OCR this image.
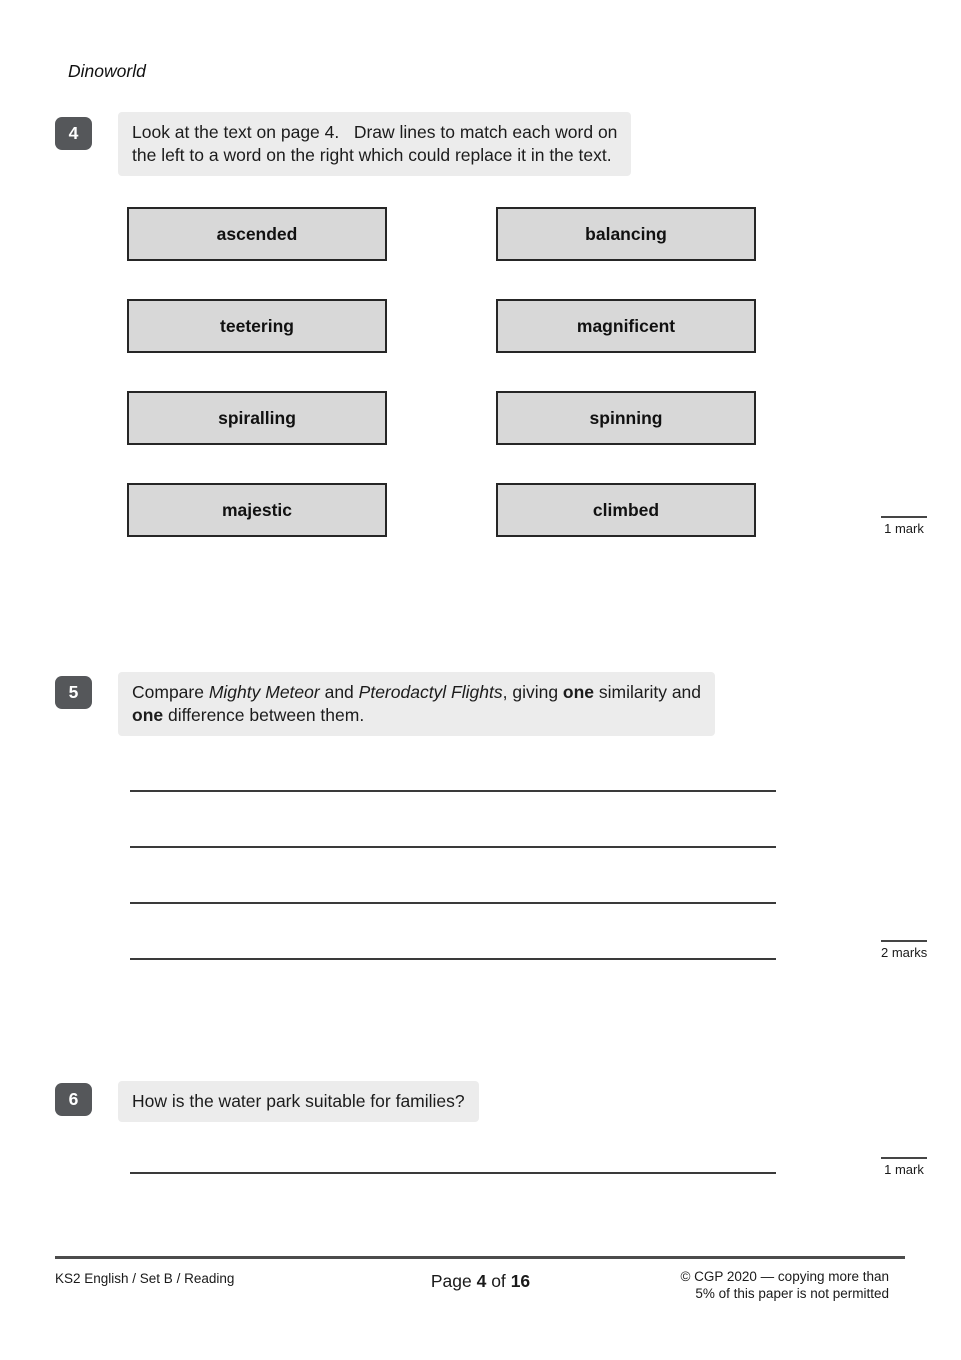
Dinoworld
4	Look at the text on page 4.   Draw lines to match each word on
the left to a word on the right which could replace it in the text.
ascended	balancing
teetering	magnificent
spiralling	spinning
majestic	climbed
1 mark
5	Compare Mighty Meteor and Pterodactyl Flights, giving one similarity and
one difference between them.
2 marks
6	How is the water park suitable for families?
1 mark
KS2 English / Set B / Reading	Page 4 of 16	© CGP 2020 — copying more than
5% of this paper is not permitted
